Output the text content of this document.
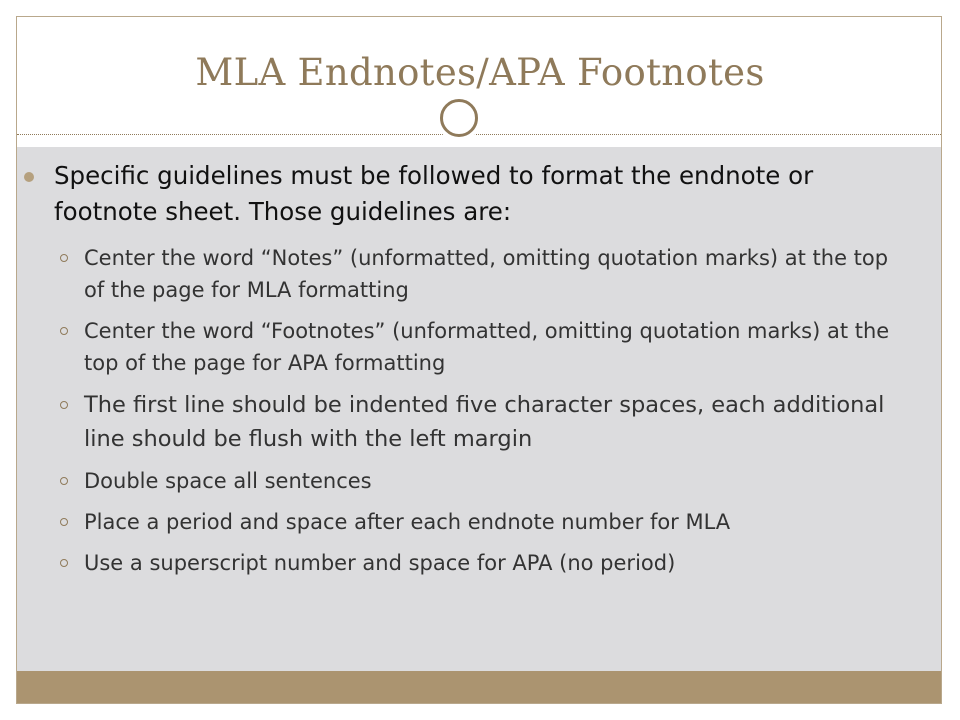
MLA Endnotes/APA Footnotes
Specific guidelines must be followed to format the endnote or footnote sheet. Those guidelines are:
Center the word “Notes” (unformatted, omitting quotation marks) at the top of the page for MLA formatting
Center the word “Footnotes” (unformatted, omitting quotation marks) at the top of the page for APA formatting
The first line should be indented five character spaces, each additional line should be flush with the left margin
Double space all sentences
Place a period and space after each endnote number for MLA
Use a superscript number and space for APA (no period)
